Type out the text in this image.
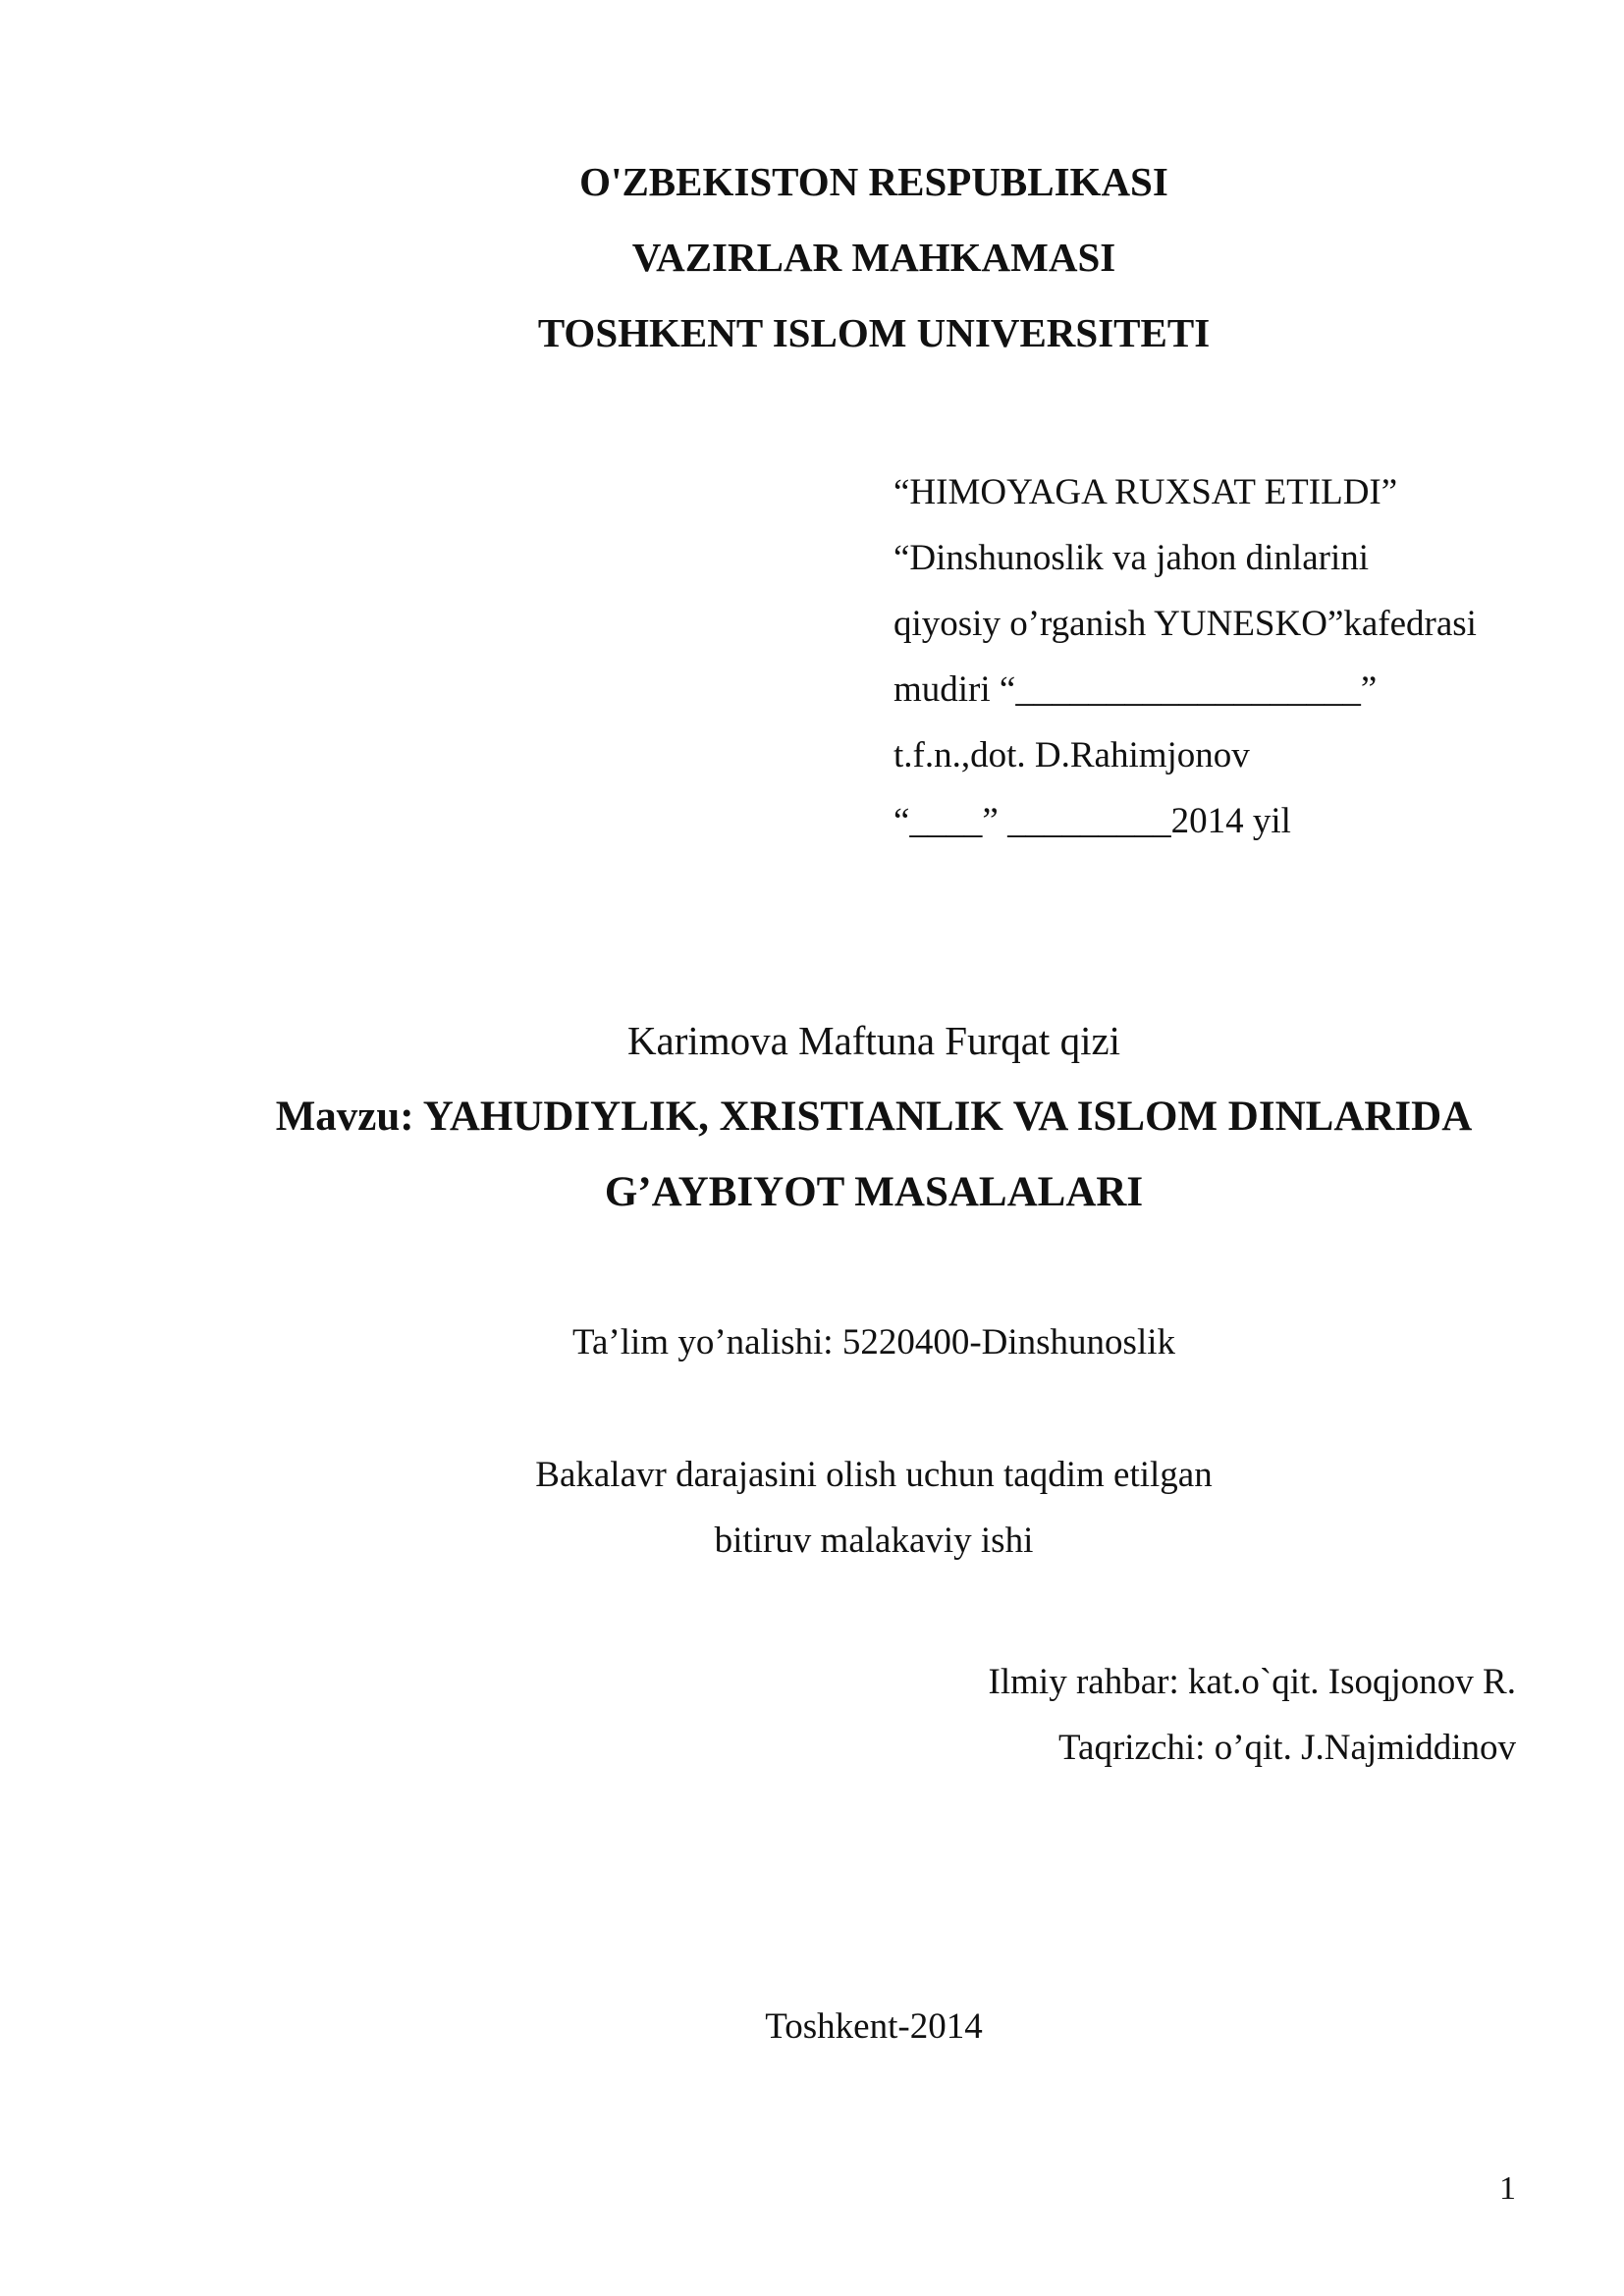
O'ZBEKISTON RESPUBLIKASI
VAZIRLAR MAHKAMASI
TOSHKENT ISLOM UNIVERSITETI
“HIMOYAGA RUXSAT ETILDI”
“Dinshunoslik va jahon dinlarini
qiyosiy o’rganish YUNESKO”kafedrasi
mudiri “___________________”
t.f.n.,dot. D.Rahimjonov
“____” _________2014 yil
Karimova Maftuna Furqat qizi
Mavzu: YAHUDIYLIK, XRISTIANLIK VA ISLOM DINLARIDA
G’AYBIYOT MASALALARI
Ta’lim yo’nalishi: 5220400-Dinshunoslik
Bakalavr darajasini olish uchun taqdim etilgan
bitiruv malakaviy ishi
Ilmiy rahbar: kat.o`qit. Isoqjonov R.
Taqrizchi: o’qit. J.Najmiddinov
Toshkent-2014
1
